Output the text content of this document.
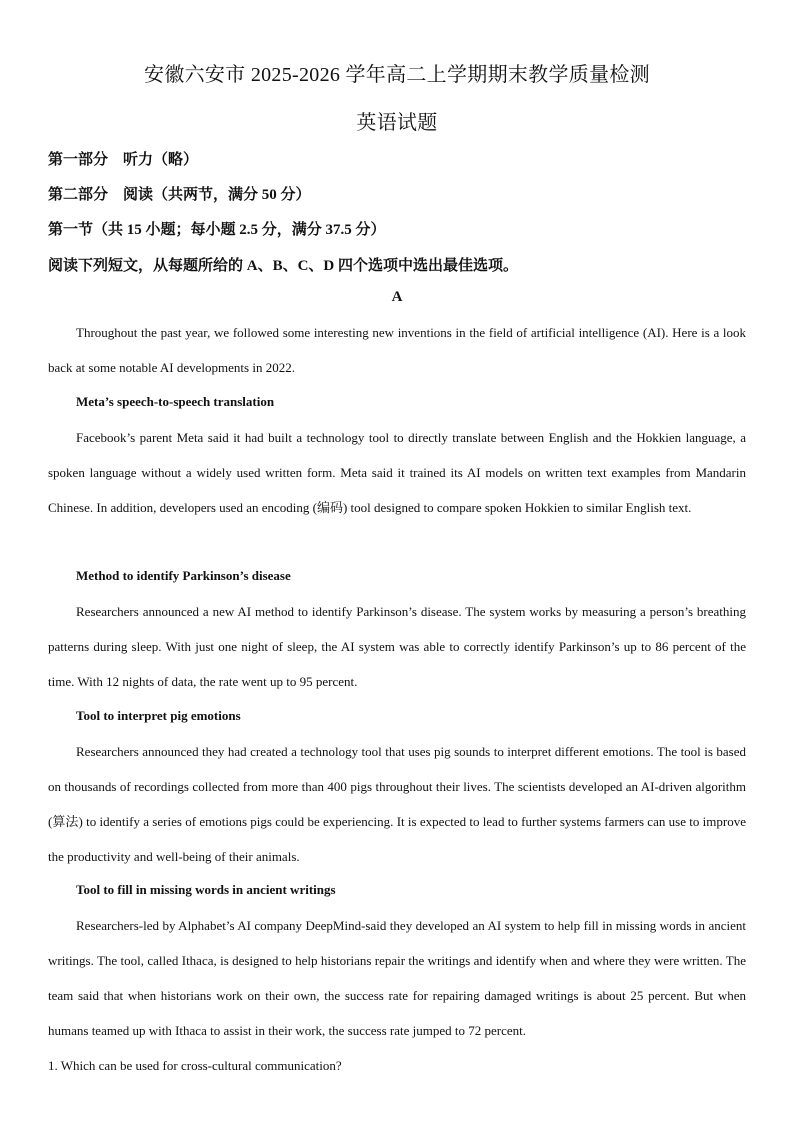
安徽六安市 2025-2026 学年高二上学期期末教学质量检测
英语试题
第一部分　听力（略）
第二部分　阅读（共两节，满分 50 分）
第一节（共 15 小题；每小题 2.5 分，满分 37.5 分）
阅读下列短文，从每题所给的 A、B、C、D 四个选项中选出最佳选项。
A

Throughout the past year, we followed some interesting new inventions in the field of artificial intelligence (AI). Here is a look back at some notable AI developments in 2022.

Meta’s speech-to-speech translation

Facebook’s parent Meta said it had built a technology tool to directly translate between English and the Hokkien language, a spoken language without a widely used written form. Meta said it trained its AI models on written text examples from Mandarin Chinese. In addition, developers used an encoding (编码) tool designed to compare spoken Hokkien to similar English text.

Method to identify Parkinson’s disease

Researchers announced a new AI method to identify Parkinson’s disease. The system works by measuring a person’s breathing patterns during sleep. With just one night of sleep, the AI system was able to correctly identify Parkinson’s up to 86 percent of the time. With 12 nights of data, the rate went up to 95 percent.

Tool to interpret pig emotions

Researchers announced they had created a technology tool that uses pig sounds to interpret different emotions. The tool is based on thousands of recordings collected from more than 400 pigs throughout their lives. The scientists developed an AI-driven algorithm (算法) to identify a series of emotions pigs could be experiencing. It is expected to lead to further systems farmers can use to improve the productivity and well-being of their animals.

Tool to fill in missing words in ancient writings

Researchers-led by Alphabet’s AI company DeepMind-said they developed an AI system to help fill in missing words in ancient writings. The tool, called Ithaca, is designed to help historians repair the writings and identify when and where they were written. The team said that when historians work on their own, the success rate for repairing damaged writings is about 25 percent. But when humans teamed up with Ithaca to assist in their work, the success rate jumped to 72 percent.

1. Which can be used for cross-cultural communication?
